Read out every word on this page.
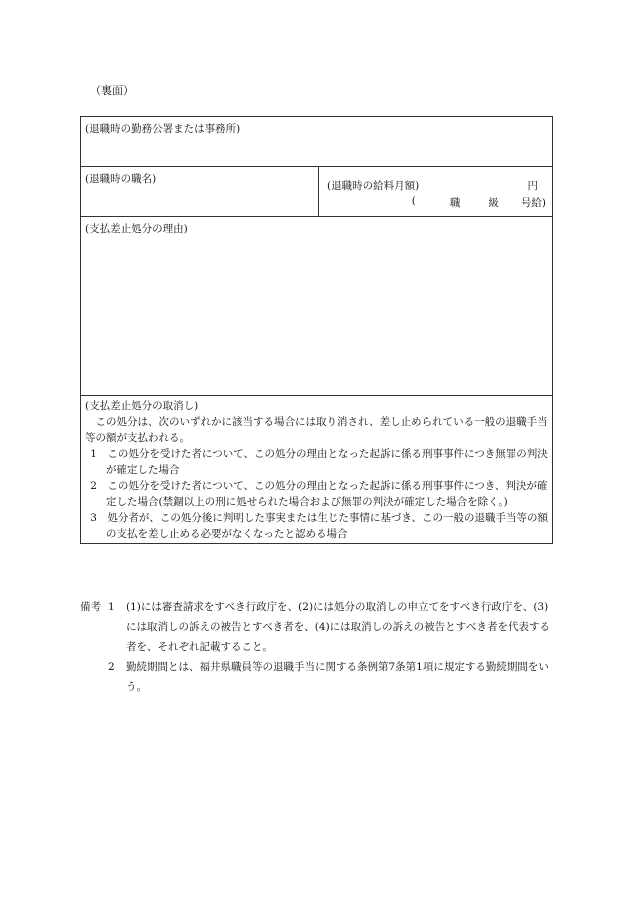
（裏面）
(退職時の勤務公署または事務所)

(退職時の職名)

(退職時の給料月額)	円
(	職	級 号給)

(支払差止処分の理由)

(支払差止処分の取消し)

この処分は、次のいずれかに該当する場合には取り消され、差し止められている一般の退職手当等の額が支払われる。

1　この処分を受けた者について、この処分の理由となった起訴に係る刑事事件につき無罪の判決が確定した場合

2　この処分を受けた者について、この処分の理由となった起訴に係る刑事事件につき、判決が確定した場合(禁錮以上の刑に処せられた場合および無罪の判決が確定した場合を除く。)

3　処分者が、この処分後に判明した事実または生じた事情に基づき、この一般の退職手当等の額の支払を差し止める必要がなくなったと認める場合

備考 1	(1)には審査請求をすべき行政庁を、(2)には処分の取消しの申立てをすべき行政庁を、(3)には取消しの訴えの被告とすべき者を、(4)には取消しの訴えの被告とすべき者を代表する者を、それぞれ記載すること。
2	勤続期間とは、福井県職員等の退職手当に関する条例第7条第1項に規定する勤続期間をいう。
